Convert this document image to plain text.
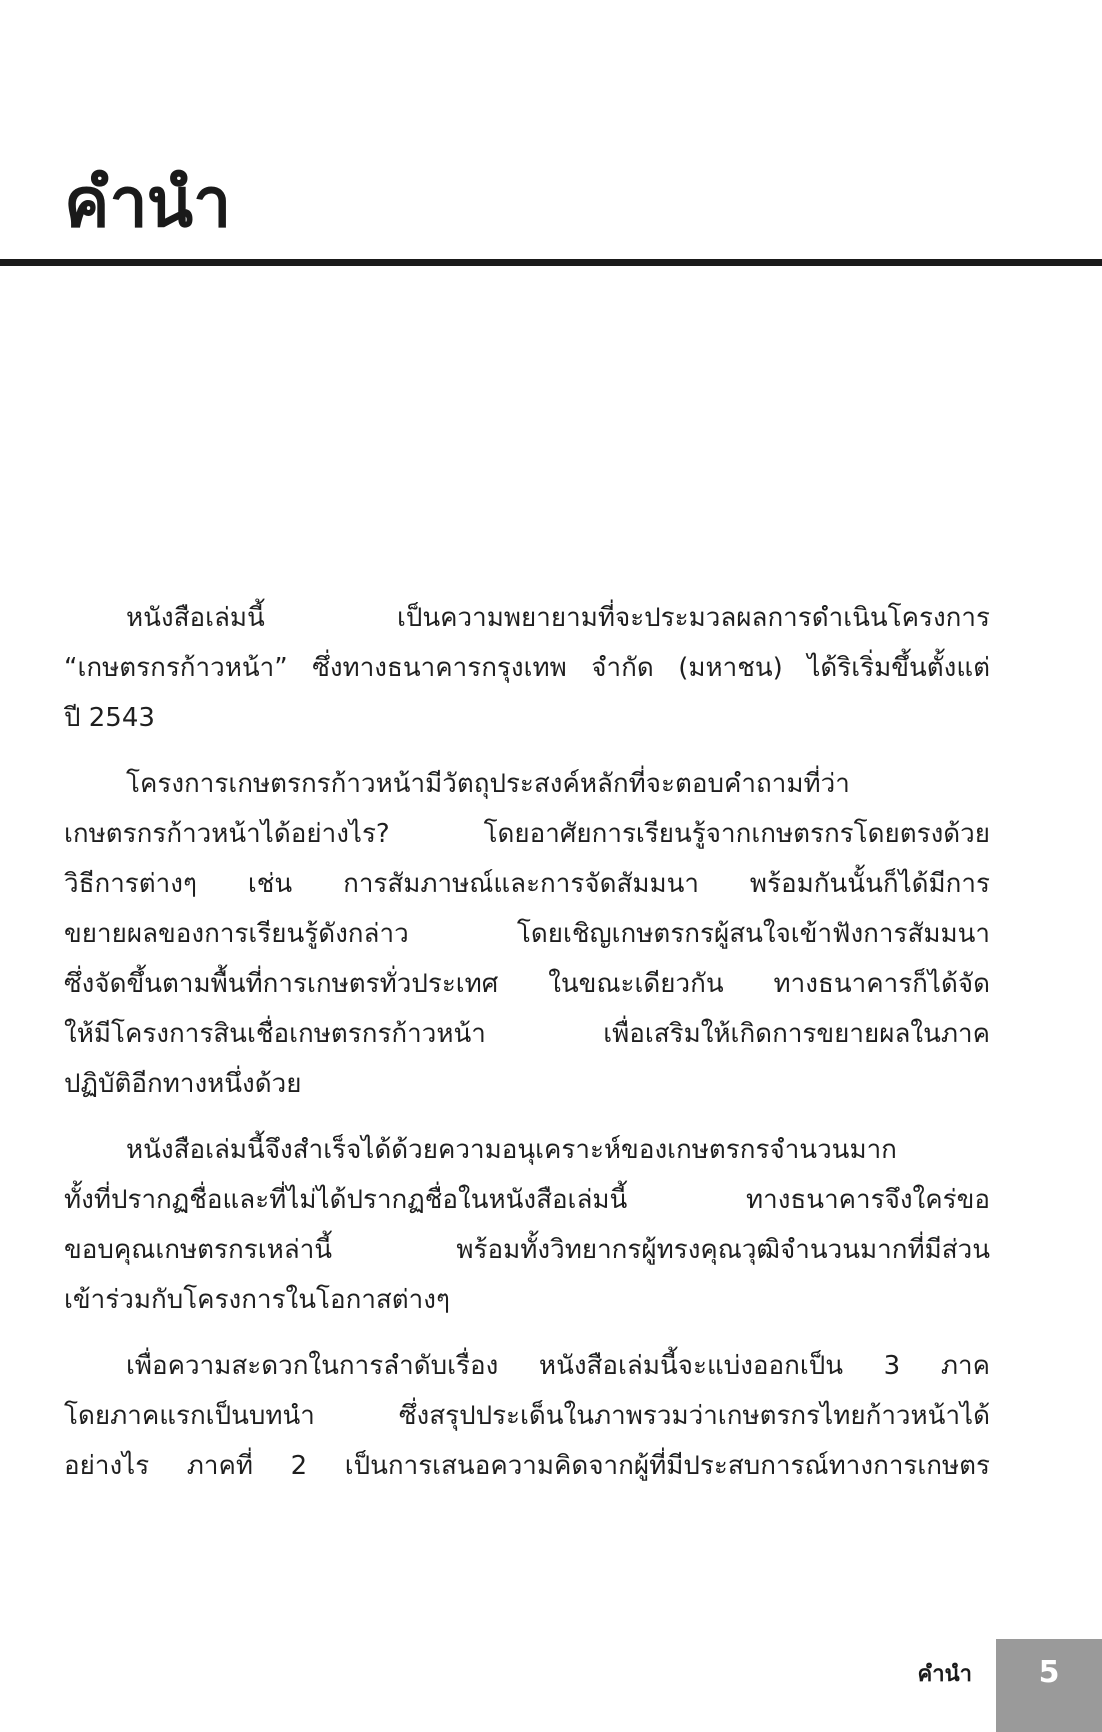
คำนำ
หนังสือเล่มนี้ เป็นความพยายามที่จะประมวลผลการดำเนินโครงการ
“เกษตรกรก้าวหน้า” ซึ่งทางธนาคารกรุงเทพ จำกัด (มหาชน) ได้ริเริ่มขึ้นตั้งแต่
ปี 2543
โครงการเกษตรกรก้าวหน้ามีวัตถุประสงค์หลักที่จะตอบคำถามที่ว่า
เกษตรกรก้าวหน้าได้อย่างไร? โดยอาศัยการเรียนรู้จากเกษตรกรโดยตรงด้วย
วิธีการต่างๆ เช่น การสัมภาษณ์และการจัดสัมมนา พร้อมกันนั้นก็ได้มีการ
ขยายผลของการเรียนรู้ดังกล่าว โดยเชิญเกษตรกรผู้สนใจเข้าฟังการสัมมนา
ซึ่งจัดขึ้นตามพื้นที่การเกษตรทั่วประเทศ ในขณะเดียวกัน ทางธนาคารก็ได้จัด
ให้มีโครงการสินเชื่อเกษตรกรก้าวหน้า เพื่อเสริมให้เกิดการขยายผลในภาค
ปฏิบัติอีกทางหนึ่งด้วย
หนังสือเล่มนี้จึงสำเร็จได้ด้วยความอนุเคราะห์ของเกษตรกรจำนวนมาก
ทั้งที่ปรากฏชื่อและที่ไม่ได้ปรากฏชื่อในหนังสือเล่มนี้ ทางธนาคารจึงใคร่ขอ
ขอบคุณเกษตรกรเหล่านี้ พร้อมทั้งวิทยากรผู้ทรงคุณวุฒิจำนวนมากที่มีส่วน
เข้าร่วมกับโครงการในโอกาสต่างๆ
เพื่อความสะดวกในการลำดับเรื่อง หนังสือเล่มนี้จะแบ่งออกเป็น 3 ภาค
โดยภาคแรกเป็นบทนำ ซึ่งสรุปประเด็นในภาพรวมว่าเกษตรกรไทยก้าวหน้าได้
อย่างไร ภาคที่ 2 เป็นการเสนอความคิดจากผู้ที่มีประสบการณ์ทางการเกษตร
คำนำ	5
